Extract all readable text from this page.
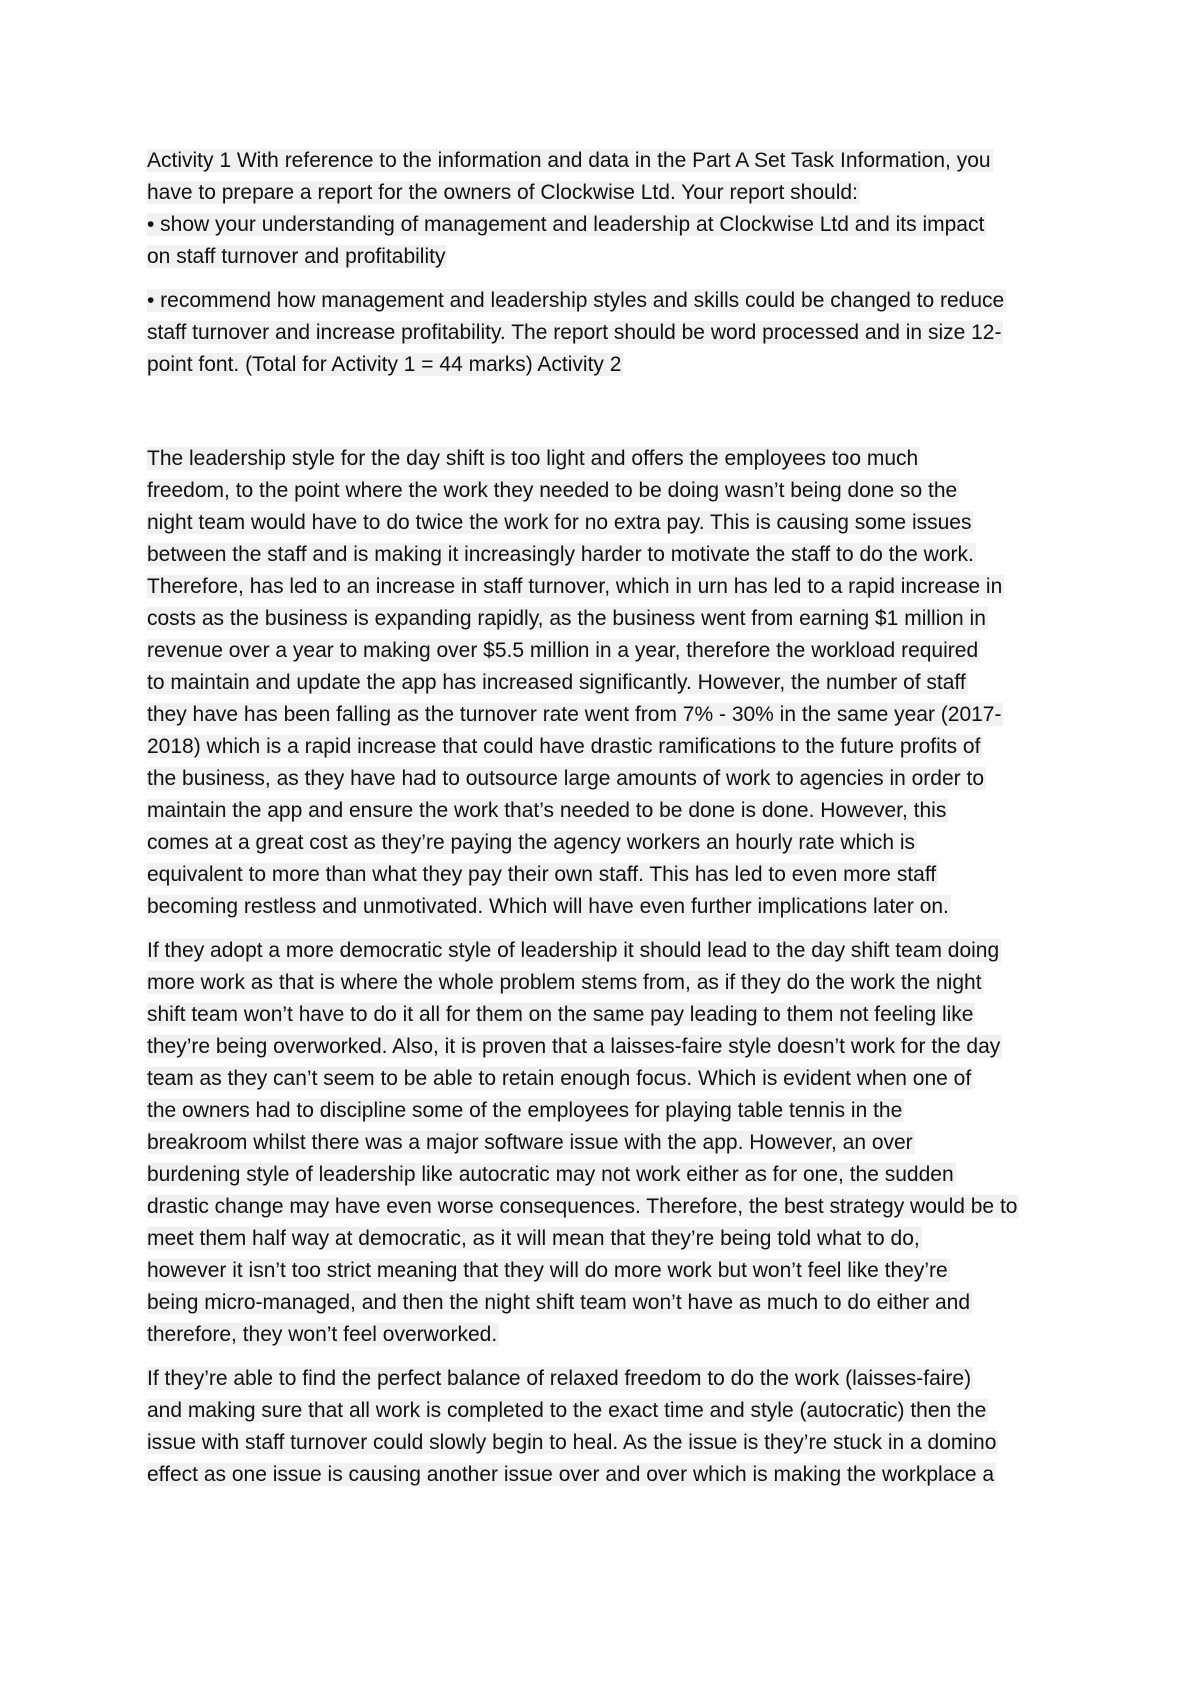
Activity 1 With reference to the information and data in the Part A Set Task Information, you
have to prepare a report for the owners of Clockwise Ltd. Your report should:
• show your understanding of management and leadership at Clockwise Ltd and its impact
on staff turnover and profitability
• recommend how management and leadership styles and skills could be changed to reduce
staff turnover and increase profitability. The report should be word processed and in size 12-
point font. (Total for Activity 1 = 44 marks) Activity 2
The leadership style for the day shift is too light and offers the employees too much
freedom, to the point where the work they needed to be doing wasn’t being done so the
night team would have to do twice the work for no extra pay. This is causing some issues
between the staff and is making it increasingly harder to motivate the staff to do the work.
Therefore, has led to an increase in staff turnover, which in urn has led to a rapid increase in
costs as the business is expanding rapidly, as the business went from earning $1 million in
revenue over a year to making over $5.5 million in a year, therefore the workload required
to maintain and update the app has increased significantly. However, the number of staff
they have has been falling as the turnover rate went from 7% - 30% in the same year (2017-
2018) which is a rapid increase that could have drastic ramifications to the future profits of
the business, as they have had to outsource large amounts of work to agencies in order to
maintain the app and ensure the work that’s needed to be done is done. However, this
comes at a great cost as they’re paying the agency workers an hourly rate which is
equivalent to more than what they pay their own staff. This has led to even more staff
becoming restless and unmotivated. Which will have even further implications later on.
If they adopt a more democratic style of leadership it should lead to the day shift team doing
more work as that is where the whole problem stems from, as if they do the work the night
shift team won’t have to do it all for them on the same pay leading to them not feeling like
they’re being overworked. Also, it is proven that a laisses-faire style doesn’t work for the day
team as they can’t seem to be able to retain enough focus. Which is evident when one of
the owners had to discipline some of the employees for playing table tennis in the
breakroom whilst there was a major software issue with the app. However, an over
burdening style of leadership like autocratic may not work either as for one, the sudden
drastic change may have even worse consequences. Therefore, the best strategy would be to
meet them half way at democratic, as it will mean that they’re being told what to do,
however it isn’t too strict meaning that they will do more work but won’t feel like they’re
being micro-managed, and then the night shift team won’t have as much to do either and
therefore, they won’t feel overworked.
If they’re able to find the perfect balance of relaxed freedom to do the work (laisses-faire)
and making sure that all work is completed to the exact time and style (autocratic) then the
issue with staff turnover could slowly begin to heal. As the issue is they’re stuck in a domino
effect as one issue is causing another issue over and over which is making the workplace a
